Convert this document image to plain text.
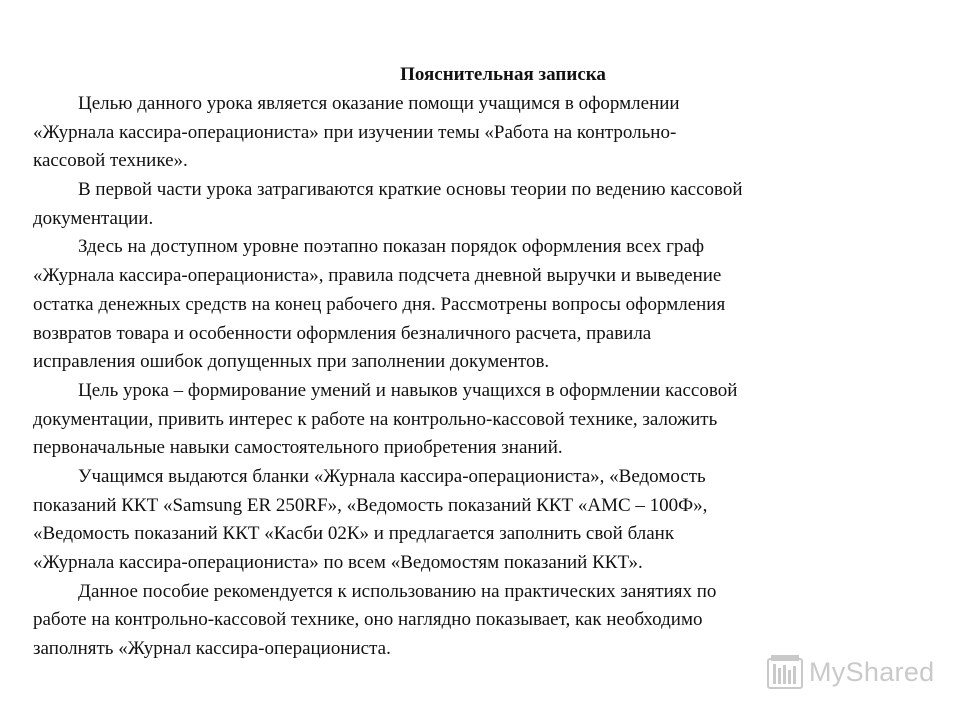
Пояснительная записка
Целью данного урока является оказание помощи учащимся в оформлении
«Журнала кассира-операциониста» при изучении темы «Работа на контрольно-
кассовой технике».
В первой части урока затрагиваются краткие основы теории по ведению кассовой
документации.
Здесь на доступном уровне поэтапно показан порядок оформления всех граф
«Журнала кассира-операциониста», правила подсчета дневной выручки и выведение
остатка денежных средств на конец рабочего дня. Рассмотрены вопросы оформления
возвратов товара и особенности оформления безналичного расчета, правила
исправления ошибок допущенных при заполнении документов.
Цель урока – формирование умений и навыков учащихся в оформлении кассовой
документации, привить интерес к работе на контрольно-кассовой технике, заложить
первоначальные навыки самостоятельного приобретения знаний.
Учащимся выдаются бланки «Журнала кассира-операциониста», «Ведомость
показаний ККТ «Samsung ER 250RF», «Ведомость показаний ККТ «АМС – 100Ф»,
«Ведомость показаний ККТ «Касби 02К» и предлагается заполнить свой бланк
«Журнала кассира-операциониста» по всем «Ведомостям показаний ККТ».
Данное пособие рекомендуется к использованию на практических занятиях по
работе на контрольно-кассовой технике, оно наглядно показывает, как необходимо
заполнять «Журнал кассира-операциониста.
MyShared
